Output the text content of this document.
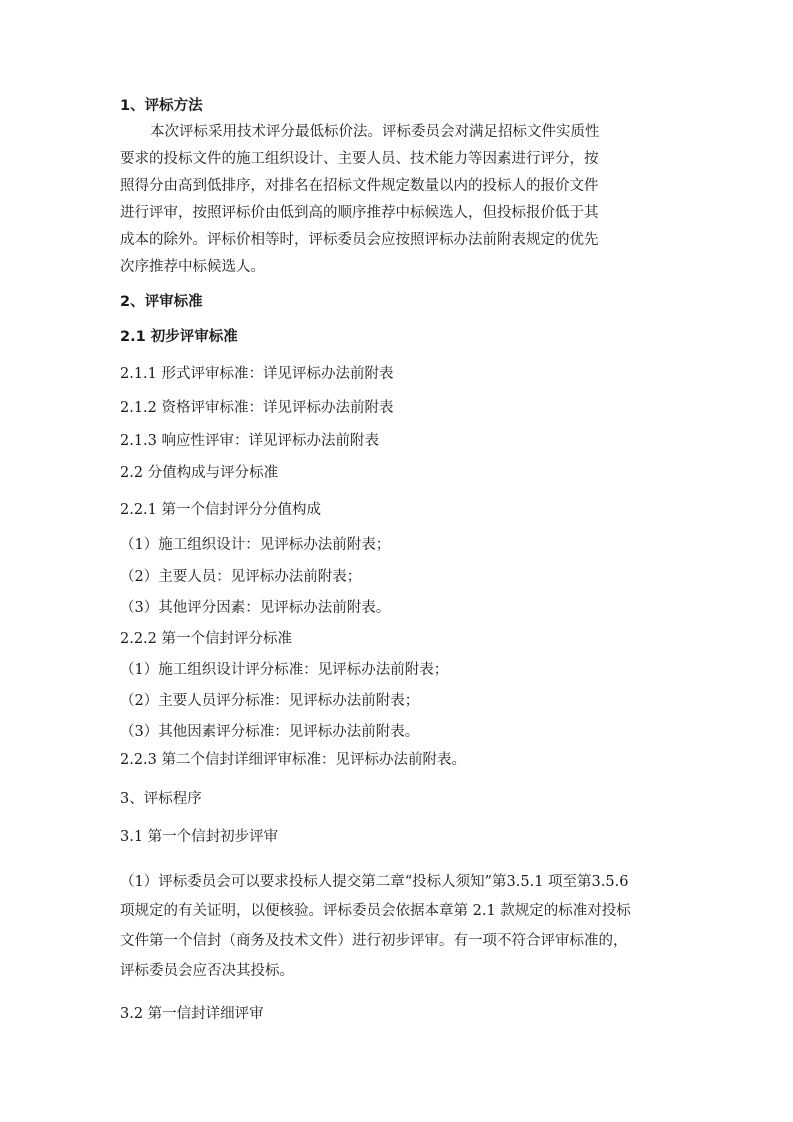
1、评标方法
本次评标采用技术评分最低标价法。评标委员会对满足招标文件实质性
要求的投标文件的施工组织设计、主要人员、技术能力等因素进行评分，按
照得分由高到低排序，对排名在招标文件规定数量以内的投标人的报价文件
进行评审，按照评标价由低到高的顺序推荐中标候选人，但投标报价低于其
成本的除外。评标价相等时，评标委员会应按照评标办法前附表规定的优先
次序推荐中标候选人。
2、评审标准
2.1 初步评审标准
2.1.1 形式评审标准：详见评标办法前附表
2.1.2 资格评审标准：详见评标办法前附表
2.1.3 响应性评审：详见评标办法前附表
2.2 分值构成与评分标准
2.2.1 第一个信封评分分值构成
（1）施工组织设计：见评标办法前附表；
（2）主要人员：见评标办法前附表；
（3）其他评分因素：见评标办法前附表。
2.2.2 第一个信封评分标准
（1）施工组织设计评分标准：见评标办法前附表；
（2）主要人员评分标准：见评标办法前附表；
（3）其他因素评分标准：见评标办法前附表。
2.2.3 第二个信封详细评审标准：见评标办法前附表。
3、评标程序
3.1 第一个信封初步评审
（1）评标委员会可以要求投标人提交第二章“投标人须知”第3.5.1 项至第3.5.6
项规定的有关证明，以便核验。评标委员会依据本章第 2.1 款规定的标准对投标
文件第一个信封（商务及技术文件）进行初步评审。有一项不符合评审标准的，
评标委员会应否决其投标。
3.2 第一信封详细评审
